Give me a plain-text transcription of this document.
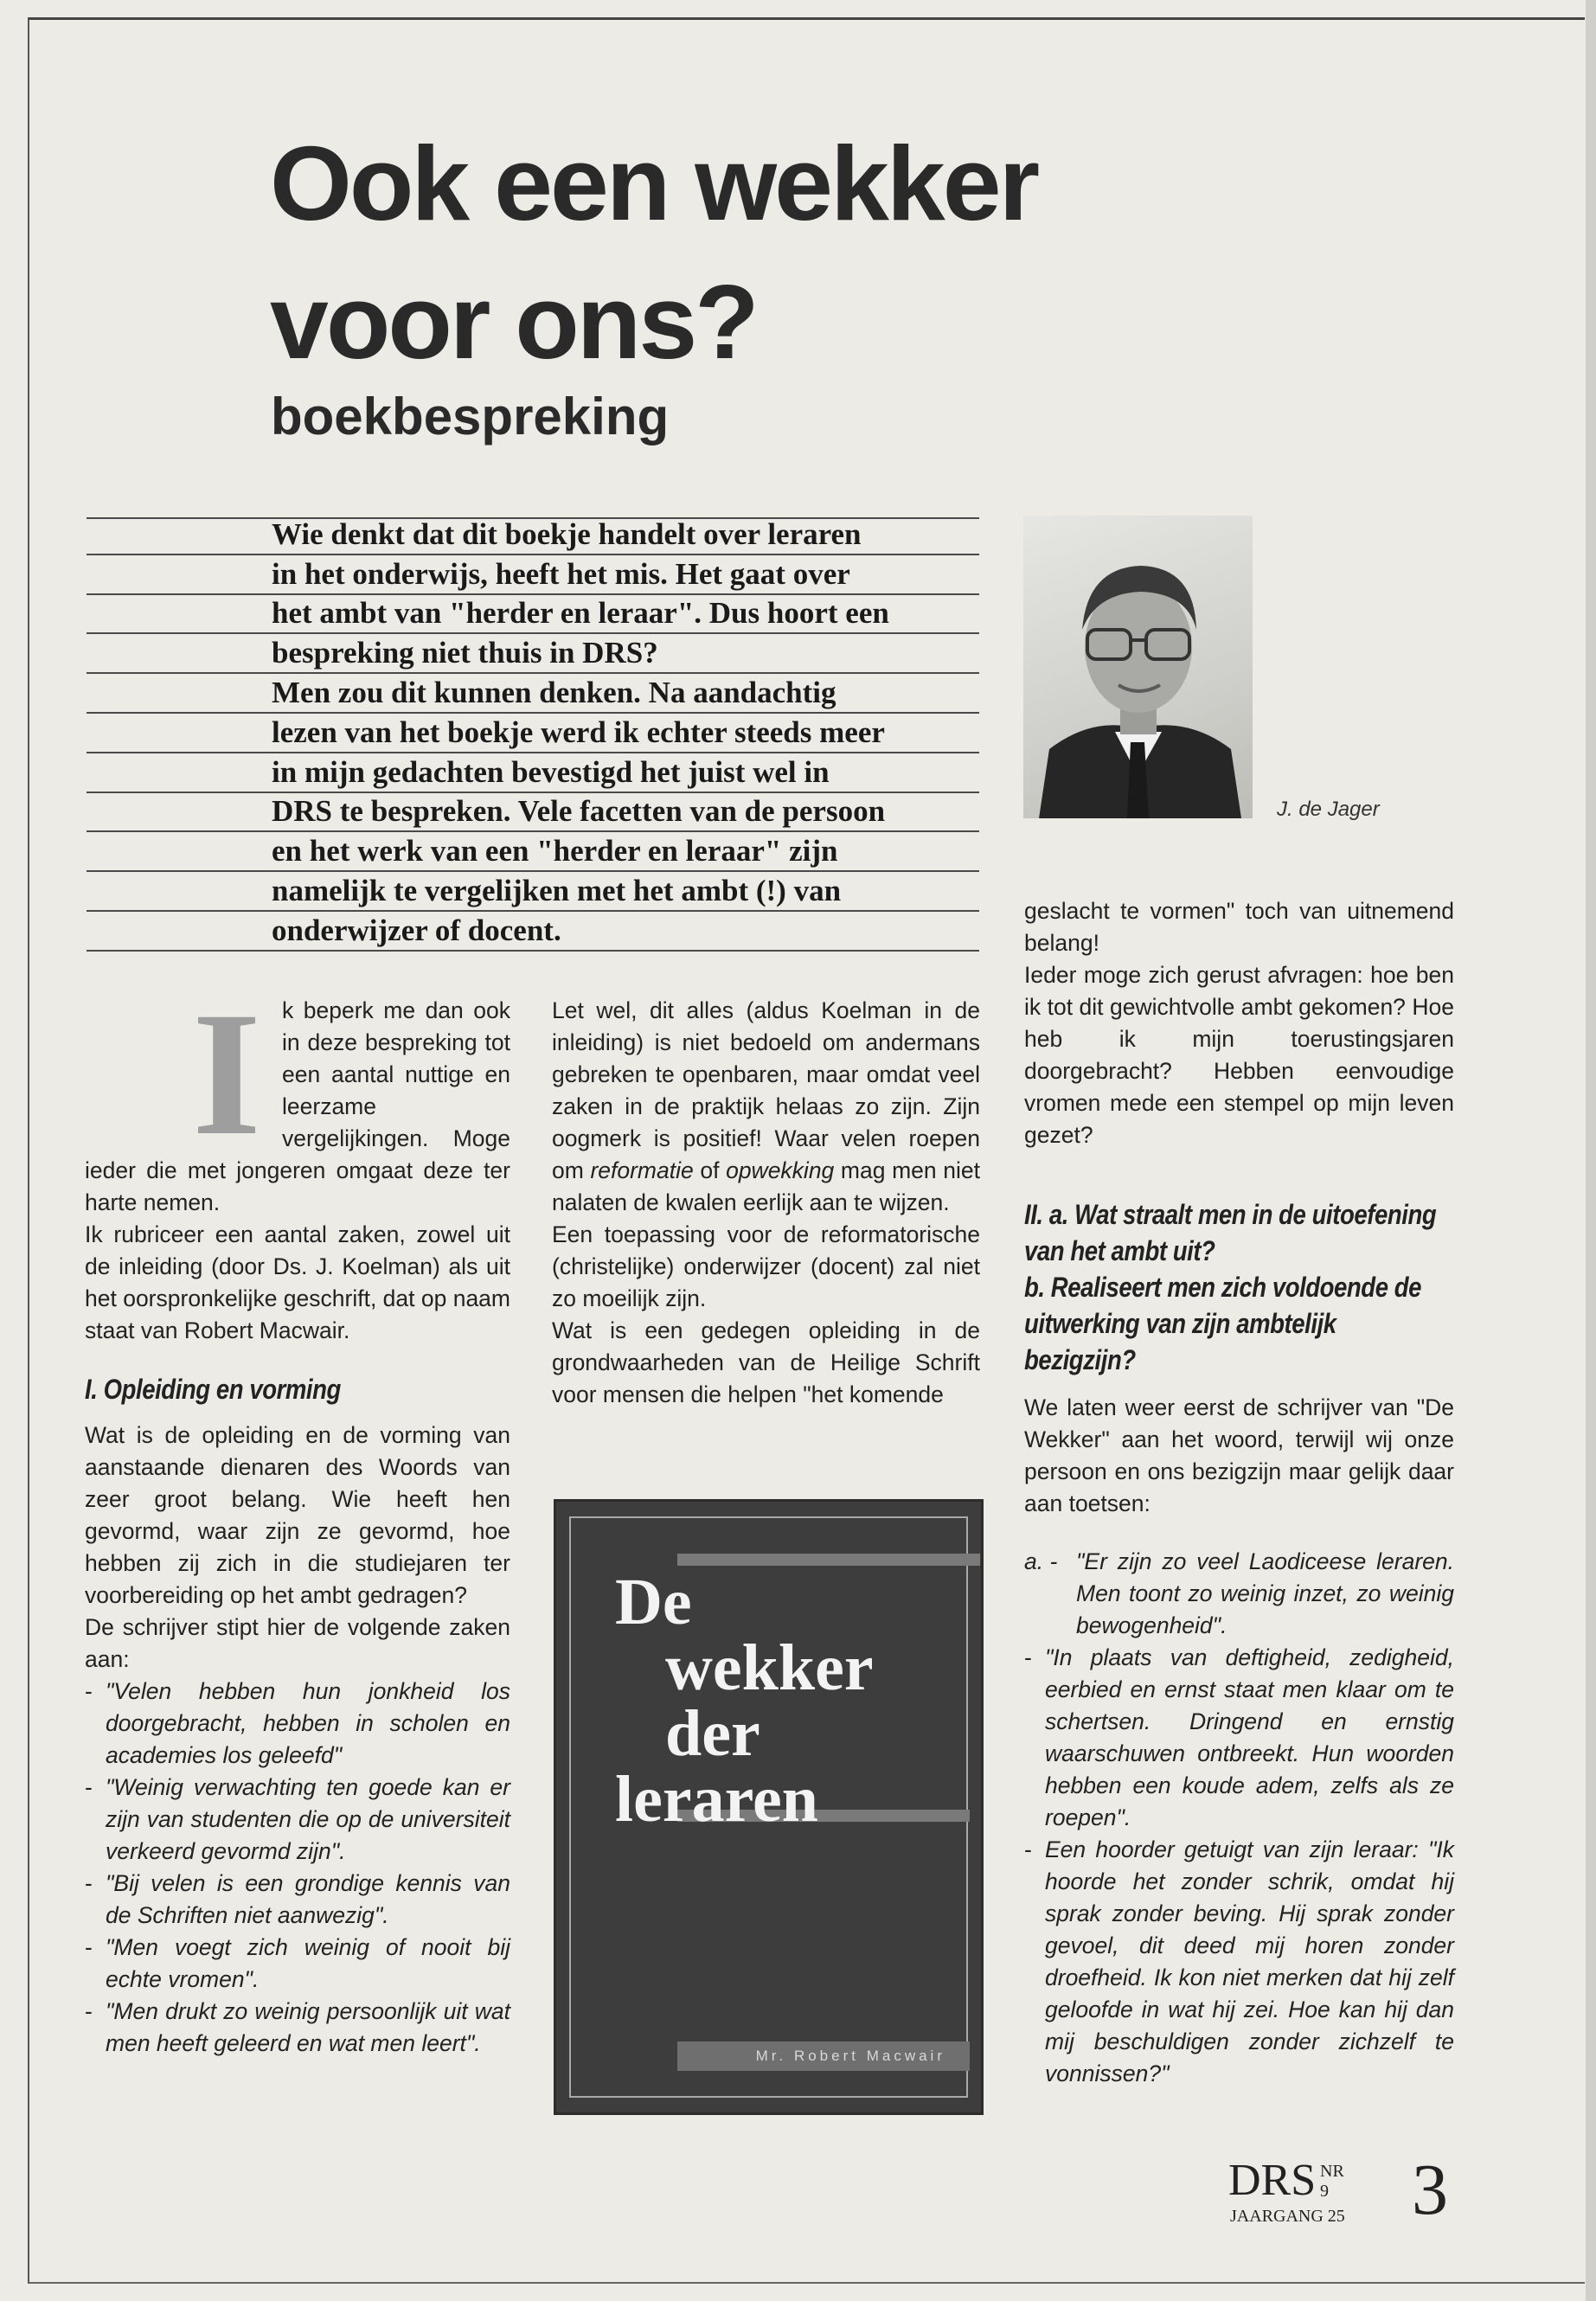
Ook een wekker
voor ons?
boekbespreking
Wie denkt dat dit boekje handelt over leraren
in het onderwijs, heeft het mis. Het gaat over
het ambt van "herder en leraar". Dus hoort een
bespreking niet thuis in DRS?
Men zou dit kunnen denken. Na aandachtig
lezen van het boekje werd ik echter steeds meer
in mijn gedachten bevestigd het juist wel in
DRS te bespreken. Vele facetten van de persoon
en het werk van een "herder en leraar" zijn
namelijk te vergelijken met het ambt (!) van
onderwijzer of docent.
J. de Jager
I k beperk me dan ook in deze bespreking tot een aantal nuttige en leerzame vergelijkingen. Moge ieder die met jongeren omgaat deze ter harte nemen.

Ik rubriceer een aantal zaken, zowel uit de inleiding (door Ds. J. Koelman) als uit het oorspronkelijke geschrift, dat op naam staat van Robert Macwair.

I. Opleiding en vorming

Wat is de opleiding en de vorming van aanstaande dienaren des Woords van zeer groot belang. Wie heeft hen gevormd, waar zijn ze gevormd, hoe hebben zij zich in die studiejaren ter voorbereiding op het ambt gedragen?

De schrijver stipt hier de volgende zaken aan:

- "Velen hebben hun jonkheid los doorgebracht, hebben in scholen en academies los geleefd"
- "Weinig verwachting ten goede kan er zijn van studenten die op de universiteit verkeerd gevormd zijn".
- "Bij velen is een grondige kennis van de Schriften niet aanwezig".
- "Men voegt zich weinig of nooit bij echte vromen".
- "Men drukt zo weinig persoonlijk uit wat men heeft geleerd en wat men leert".

Let wel, dit alles (aldus Koelman in de inleiding) is niet bedoeld om andermans gebreken te openbaren, maar omdat veel zaken in de praktijk helaas zo zijn. Zijn oogmerk is positief! Waar velen roepen om reformatie of opwekking mag men niet nalaten de kwalen eerlijk aan te wijzen.

Een toepassing voor de reformatorische (christelijke) onderwijzer (docent) zal niet zo moeilijk zijn.

Wat is een gedegen opleiding in de grondwaarheden van de Heilige Schrift voor mensen die helpen "het komende

De
wekker
der
leraren
Mr. Robert Macwair

geslacht te vormen" toch van uitnemend belang!

Ieder moge zich gerust afvragen: hoe ben ik tot dit gewichtvolle ambt gekomen? Hoe heb ik mijn toerustingsjaren doorgebracht? Hebben eenvoudige vromen mede een stempel op mijn leven gezet?

II. a. Wat straalt men in de uitoefening van het ambt uit?
b. Realiseert men zich voldoende de uitwerking van zijn ambtelijk bezigzijn?

We laten weer eerst de schrijver van "De Wekker" aan het woord, terwijl wij onze persoon en ons bezigzijn maar gelijk daar aan toetsen:

a. - "Er zijn zo veel Laodiceese leraren. Men toont zo weinig inzet, zo weinig bewogenheid".
- "In plaats van deftigheid, zedigheid, eerbied en ernst staat men klaar om te schertsen. Dringend en ernstig waarschuwen ontbreekt. Hun woorden hebben een koude adem, zelfs als ze roepen".
- Een hoorder getuigt van zijn leraar: "Ik hoorde het zonder schrik, omdat hij sprak zonder beving. Hij sprak zonder gevoel, dit deed mij horen zonder droefheid. Ik kon niet merken dat hij zelf geloofde in wat hij zei. Hoe kan hij dan mij beschuldigen zonder zichzelf te vonnissen?"
DRS NR 9
JAARGANG 25 3
